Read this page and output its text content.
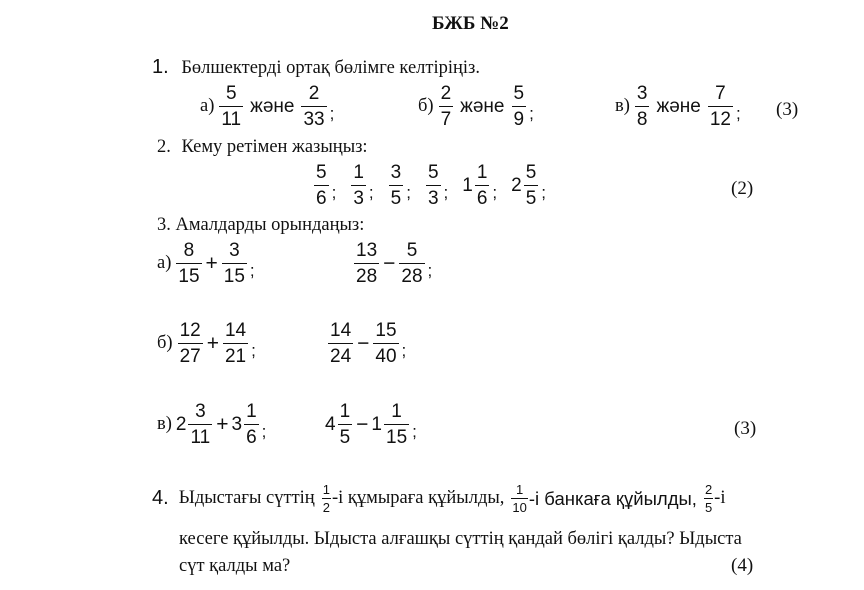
БЖБ №2
1. Бөлшектерді ортақ бөлімге келтіріңіз.
$а) \frac{5}{11}$ және $\frac{2}{33}$ ;	$б) \frac{2}{7}$ және $\frac{5}{9}$ ;	$в) \frac{3}{8}$ және $\frac{7}{12}$ ; (3)
2. Кему ретімен жазыңыз:
$\frac{5}{6}$ ; $\frac{1}{3}$ ; $\frac{3}{5}$ ; $\frac{5}{3}$ ; $1 \frac{1}{6}$ ; $2 \frac{5}{5}$ ;	(2)
3. Амалдарды орындаңыз:
$а) \frac{8}{15} + \frac{3}{15}$ ;	$\frac{13}{28} - \frac{5}{28}$ ;
$б) \frac{12}{27} + \frac{14}{21}$ ;	$\frac{14}{24} - \frac{15}{40}$ ;
в) $2 \frac{3}{11} + 3 \frac{1}{6}$ ;	$4 \frac{1}{5} - 1 \frac{1}{15}$ ;	(3)
4. Ыдыстағы сүттің $\frac{1}{2} -і$ құмыраға құйылды, $\frac{1}{10} -і$ банкаға құйылды, $\frac{2}{5} -і$
кесеге құйылды. Ыдыста алғашқы сүттің қандай бөлігі қалды? Ыдыста
сүт қалды ма?	(4)
